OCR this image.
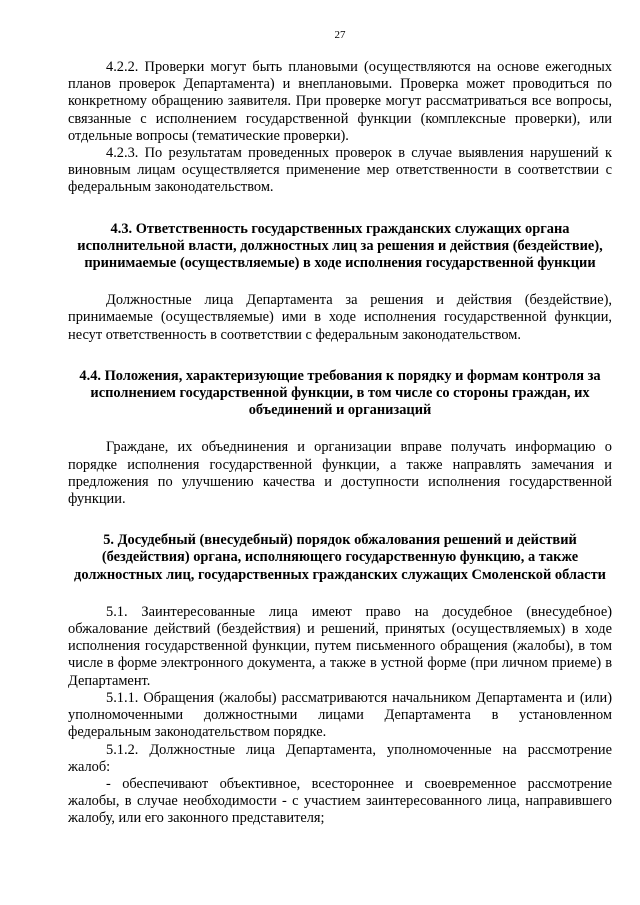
27

4.2.2. Проверки могут быть плановыми (осуществляются на основе ежегодных планов проверок Департамента) и внеплановыми. Проверка может проводиться по конкретному обращению заявителя. При проверке могут рассматриваться все вопросы, связанные с исполнением государственной функции (комплексные проверки), или отдельные вопросы (тематические проверки).

4.2.3. По результатам проведенных проверок в случае выявления нарушений к виновным лицам осуществляется применение мер ответственности в соответствии с федеральным законодательством.

4.3. Ответственность государственных гражданских служащих органа исполнительной власти, должностных лиц за решения и действия (бездействие), принимаемые (осуществляемые) в ходе исполнения государственной функции

Должностные лица Департамента за решения и действия (бездействие), принимаемые (осуществляемые) ими в ходе исполнения государственной функции, несут ответственность в соответствии с федеральным законодательством.

4.4. Положения, характеризующие требования к порядку и формам контроля за исполнением государственной функции, в том числе со стороны граждан, их объединений и организаций

Граждане, их объеднинения и организации вправе получать информацию о порядке исполнения государственной функции, а также направлять замечания и предложения по улучшению качества и доступности исполнения государственной функции.

5. Досудебный (внесудебный) порядок обжалования решений и действий (бездействия) органа, исполняющего государственную функцию, а также должностных лиц, государственных гражданских служащих Смоленской области

5.1. Заинтересованные лица имеют право на досудебное (внесудебное) обжалование действий (бездействия) и решений, принятых (осуществляемых) в ходе исполнения государственной функции, путем письменного обращения (жалобы), в том числе в форме электронного документа, а также в устной форме (при личном приеме) в Департамент.

5.1.1. Обращения (жалобы) рассматриваются начальником Департамента и (или) уполномоченными должностными лицами Департамента в установленном федеральным законодательством порядке.

5.1.2. Должностные лица Департамента, уполномоченные на рассмотрение жалоб:

- обеспечивают объективное, всестороннее и своевременное рассмотрение жалобы, в случае необходимости - с участием заинтересованного лица, направившего жалобу, или его законного представителя;
